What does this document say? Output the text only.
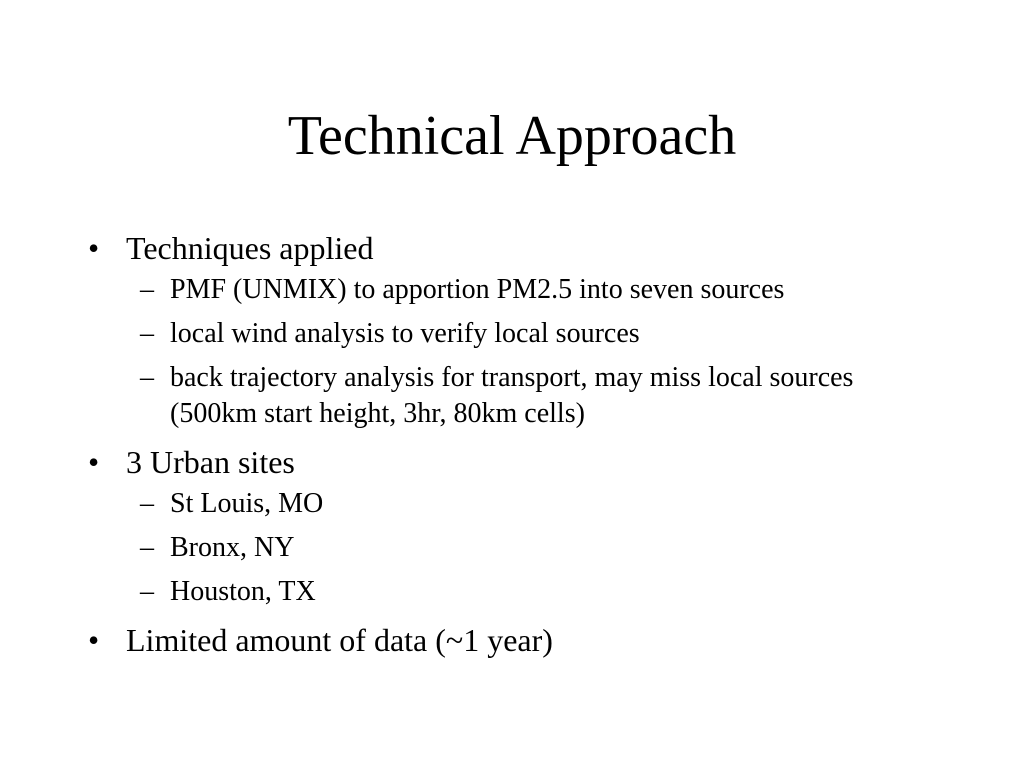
Technical Approach
• Techniques applied
– PMF (UNMIX) to apportion PM2.5 into seven sources
– local wind analysis to verify local sources
– back trajectory analysis for transport, may miss local sources (500km start height, 3hr, 80km cells)
• 3 Urban sites
– St Louis, MO
– Bronx, NY
– Houston, TX
• Limited amount of data (~1 year)
